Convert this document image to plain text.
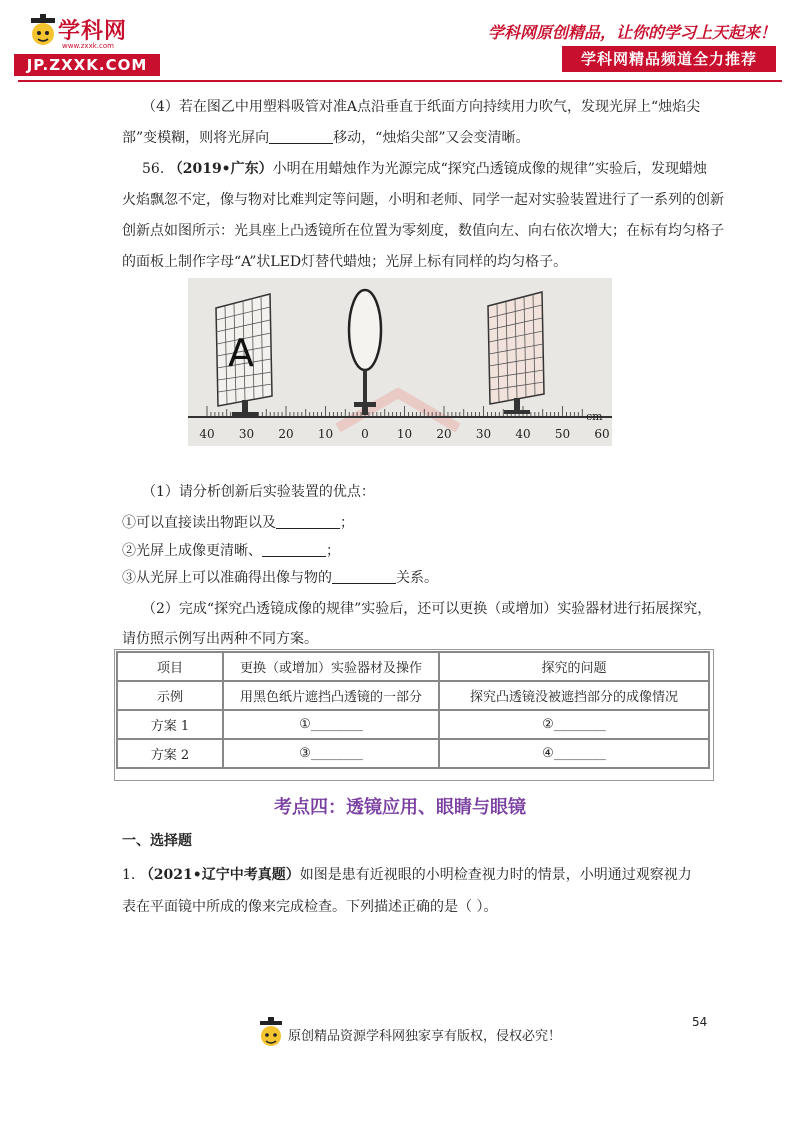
学科网
www.zxxk.com
JP.ZXXK.COM
学科网原创精品，让你的学习上天起来！
学科网精品频道全力推荐
（4）若在图乙中用塑料吸管对准A点沿垂直于纸面方向持续用力吹气，发现光屏上“烛焰尖
部”变模糊，则将光屏向	移动，“烛焰尖部”又会变清晰。
56. （2019•广东）小明在用蜡烛作为光源完成“探究凸透镜成像的规律”实验后，发现蜡烛
火焰飘忽不定，像与物对比难判定等问题，小明和老师、同学一起对实验装置进行了一系列的创新
创新点如图所示：光具座上凸透镜所在位置为零刻度，数值向左、向右依次增大；在标有均匀格子
的面板上制作字母“A”状LED灯替代蜡烛；光屏上标有同样的均匀格子。
A
cm
40 30 20 10 0 10 20 30 40 50 60
（1）请分析创新后实验装置的优点：
①可以直接读出物距以及	；
②光屏上成像更清晰、	；
③从光屏上可以准确得出像与物的	关系。
（2）完成“探究凸透镜成像的规律”实验后，还可以更换（或增加）实验器材进行拓展探究，
请仿照示例写出两种不同方案。
项目	更换（或增加）实验器材及操作	探究的问题
示例	用黑色纸片遮挡凸透镜的一部分	探究凸透镜没被遮挡部分的成像情况
方案 1	①________	②________
方案 2	③________	④________
考点四：透镜应用、眼睛与眼镜
一、选择题
1. （2021•辽宁中考真题）如图是患有近视眼的小明检查视力时的情景，小明通过观察视力
表在平面镜中所成的像来完成检查。下列描述正确的是（ ）。
54
原创精品资源学科网独家享有版权，侵权必究！
